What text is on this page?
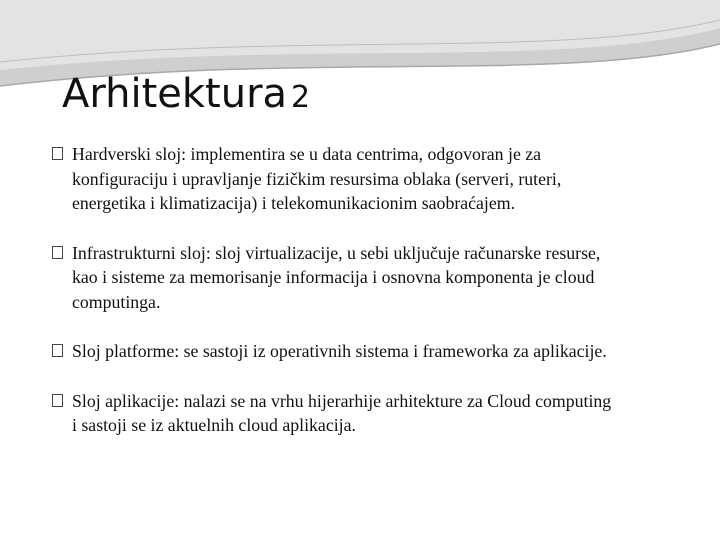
Arhitektura 2
Hardverski sloj: implementira se u data centrima, odgovoran je za konfiguraciju i upravljanje fizičkim resursima oblaka (serveri, ruteri, energetika i klimatizacija) i telekomunikacionim saobraćajem.
Infrastrukturni sloj: sloj virtualizacije, u sebi uključuje računarske resurse, kao i sisteme za memorisanje informacija i osnovna komponenta je cloud computinga.
Sloj platforme: se sastoji iz operativnih sistema i frameworka za aplikacije.
Sloj aplikacije: nalazi se na vrhu hijerarhije arhitekture za Cloud computing i sastoji se iz aktuelnih cloud aplikacija.
